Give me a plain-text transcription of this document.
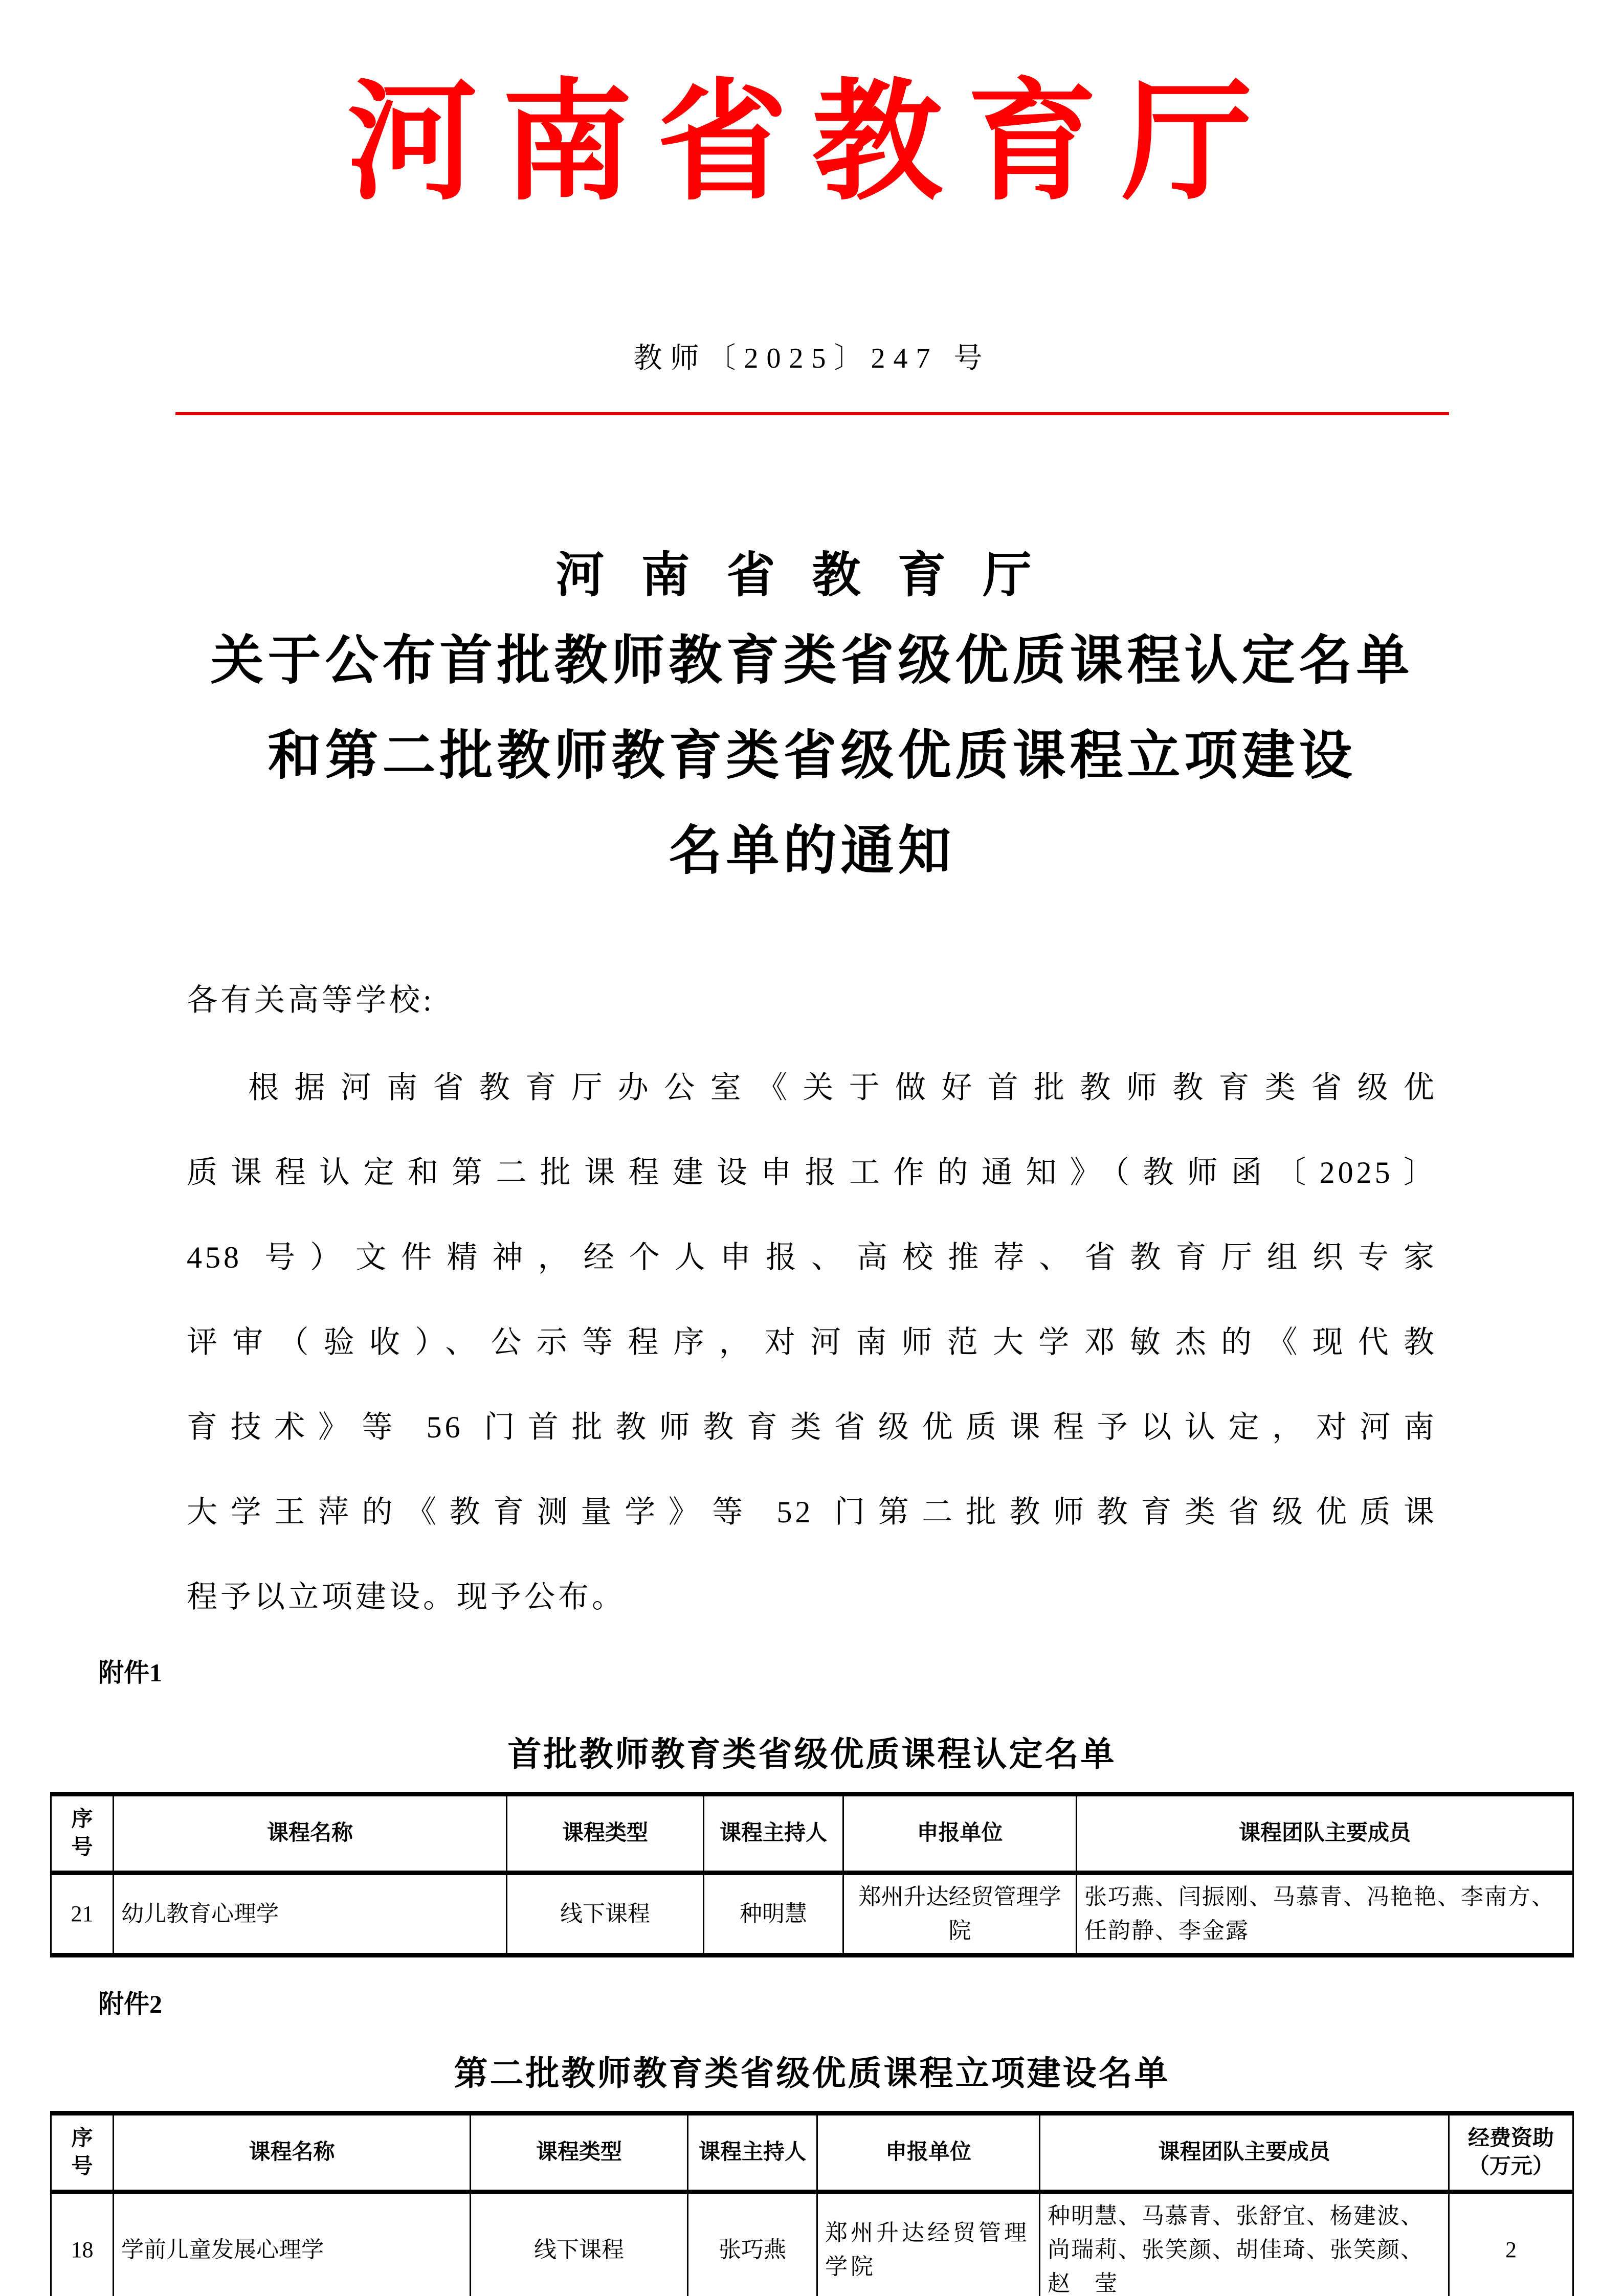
河南省教育厅
教师〔2025〕247 号
河南省教育厅
关于公布首批教师教育类省级优质课程认定名单
和第二批教师教育类省级优质课程立项建设
名单的通知
各有关高等学校:
根据河南省教育厅办公室《关于做好首批教师教育类省级优
质课程认定和第二批课程建设申报工作的通知》（教师函〔2025〕
458 号）文件精神，经个人申报、高校推荐、省教育厅组织专家
评审（验收）、公示等程序，对河南师范大学邓敏杰的《现代教
育技术》等 56 门首批教师教育类省级优质课程予以认定，对河南
大学王萍的《教育测量学》等 52 门第二批教师教育类省级优质课
程予以立项建设。现予公布。
附件1
首批教师教育类省级优质课程认定名单
序号	课程名称	课程类型	课程主持人	申报单位	课程团队主要成员
21	幼儿教育心理学	线下课程	种明慧	郑州升达经贸管理学院	张巧燕、闫振刚、马慕青、冯艳艳、李南方、任韵静、李金露
附件2
第二批教师教育类省级优质课程立项建设名单
序号	课程名称	课程类型	课程主持人	申报单位	课程团队主要成员	经费资助（万元）
18	学前儿童发展心理学	线下课程	张巧燕	郑州升达经贸管理学院	种明慧、马慕青、张舒宜、杨建波、尚瑞莉、张笑颜、胡佳琦、张笑颜、赵　莹	2
